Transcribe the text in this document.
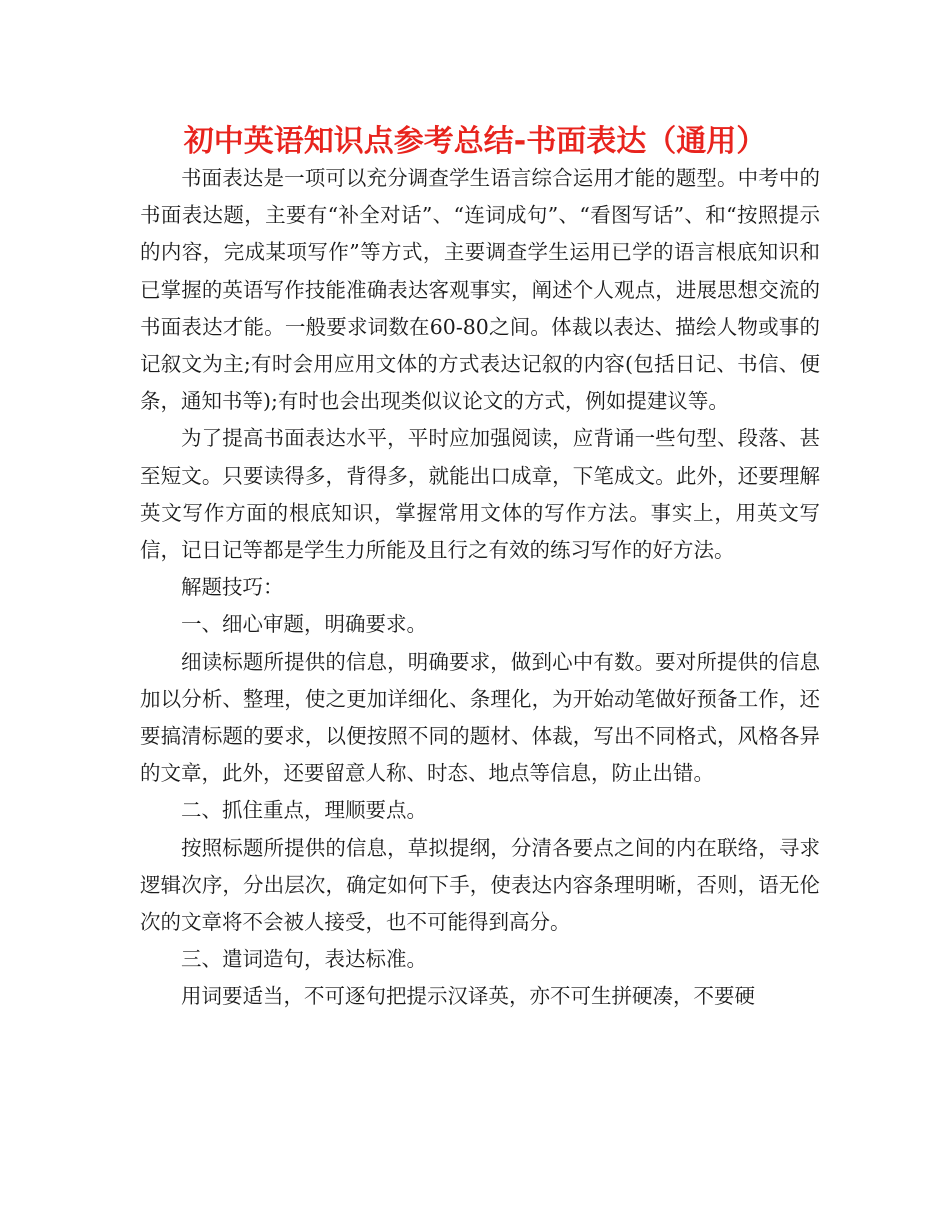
初中英语知识点参考总结-书面表达（通用）

书面表达是一项可以充分调查学生语言综合运用才能的题型。中考中的书面表达题，主要有“补全对话”、“连词成句”、“看图写话”、和“按照提示的内容，完成某项写作”等方式，主要调查学生运用已学的语言根底知识和已掌握的英语写作技能准确表达客观事实，阐述个人观点，进展思想交流的书面表达才能。一般要求词数在60-80之间。体裁以表达、描绘人物或事的记叙文为主;有时会用应用文体的方式表达记叙的内容(包括日记、书信、便条，通知书等);有时也会出现类似议论文的方式，例如提建议等。

为了提高书面表达水平，平时应加强阅读，应背诵一些句型、段落、甚至短文。只要读得多，背得多，就能出口成章，下笔成文。此外，还要理解英文写作方面的根底知识，掌握常用文体的写作方法。事实上，用英文写信，记日记等都是学生力所能及且行之有效的练习写作的好方法。

解题技巧：

一、细心审题，明确要求。

细读标题所提供的信息，明确要求，做到心中有数。要对所提供的信息加以分析、整理，使之更加详细化、条理化，为开始动笔做好预备工作，还要搞清标题的要求，以便按照不同的题材、体裁，写出不同格式，风格各异的文章，此外，还要留意人称、时态、地点等信息，防止出错。

二、抓住重点，理顺要点。

按照标题所提供的信息，草拟提纲，分清各要点之间的内在联络，寻求逻辑次序，分出层次，确定如何下手，使表达内容条理明晰，否则，语无伦次的文章将不会被人接受，也不可能得到高分。

三、遣词造句，表达标准。

用词要适当，不可逐句把提示汉译英，亦不可生拼硬凑，不要硬
